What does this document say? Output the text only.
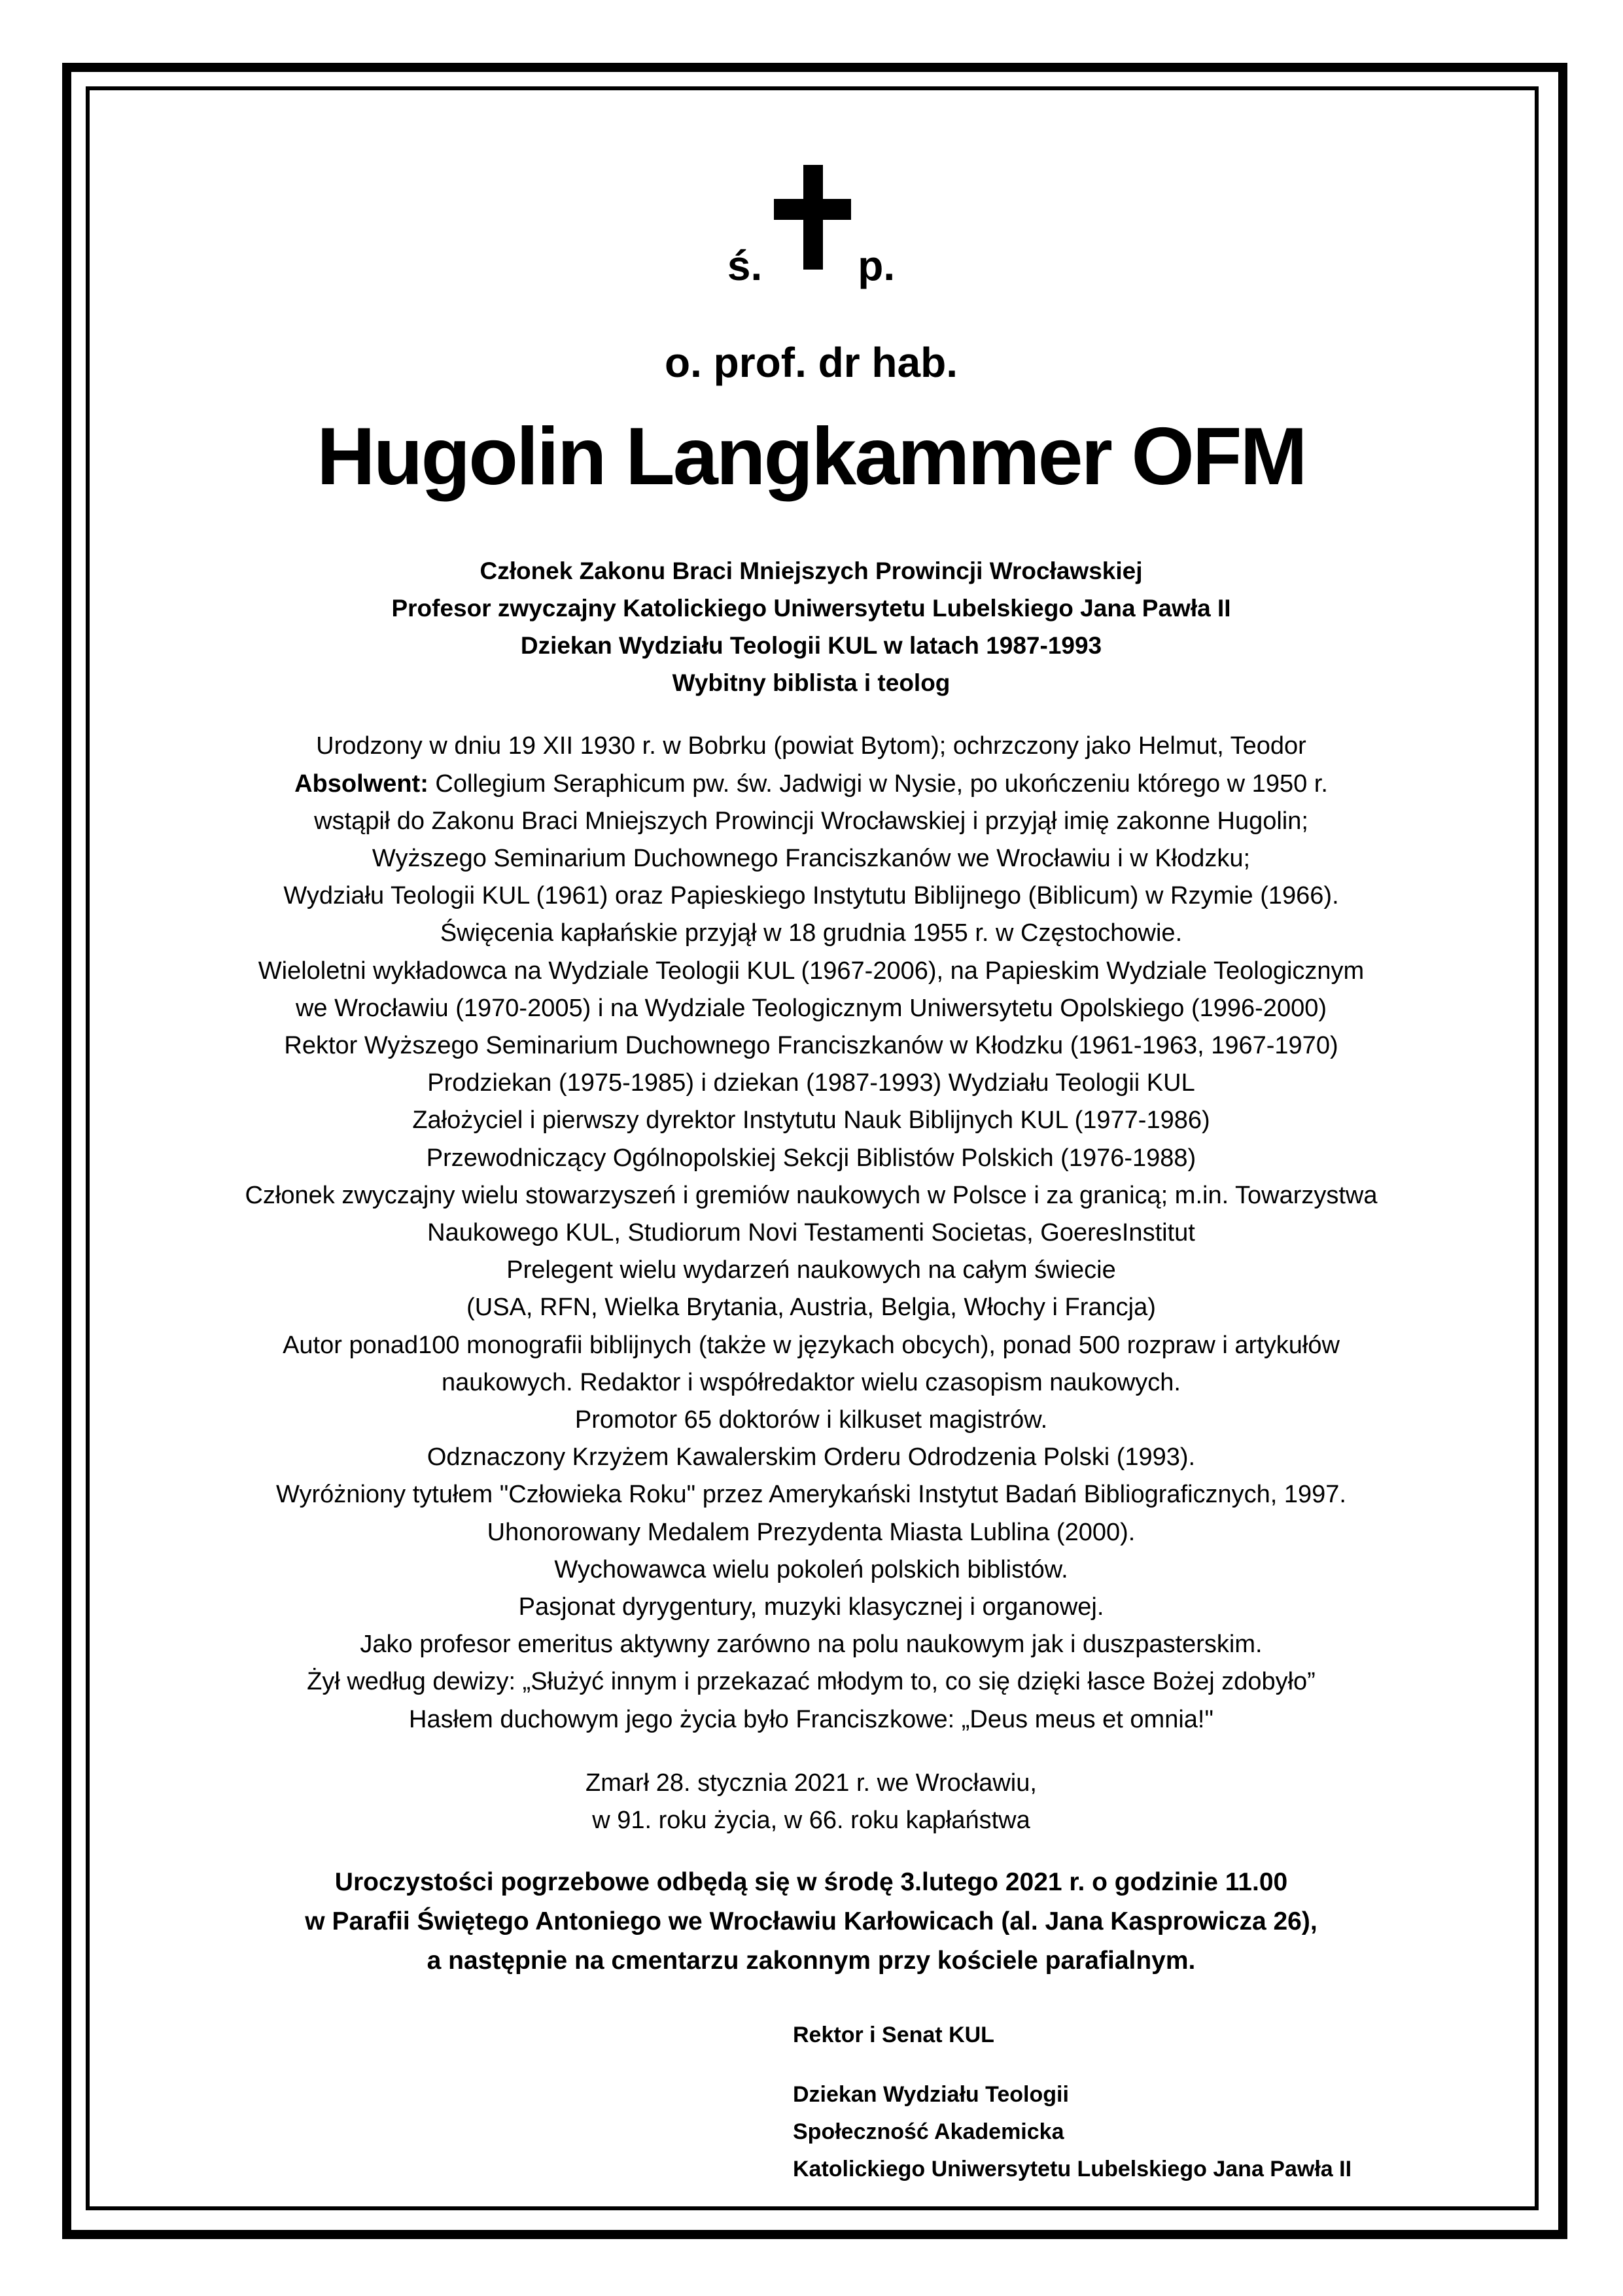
ś. p.
o. prof. dr hab.
Hugolin Langkammer OFM
Członek Zakonu Braci Mniejszych Prowincji Wrocławskiej
Profesor zwyczajny Katolickiego Uniwersytetu Lubelskiego Jana Pawła II
Dziekan Wydziału Teologii KUL w latach 1987-1993
Wybitny biblista i teolog
Urodzony w dniu 19 XII 1930 r. w Bobrku (powiat Bytom); ochrzczony jako Helmut, Teodor
Absolwent: Collegium Seraphicum pw. św. Jadwigi w Nysie, po ukończeniu którego w 1950 r.
wstąpił do Zakonu Braci Mniejszych Prowincji Wrocławskiej i przyjął imię zakonne Hugolin;
Wyższego Seminarium Duchownego Franciszkanów we Wrocławiu i w Kłodzku;
Wydziału Teologii KUL (1961) oraz Papieskiego Instytutu Biblijnego (Biblicum) w Rzymie (1966).
Święcenia kapłańskie przyjął w 18 grudnia 1955 r. w Częstochowie.
Wieloletni wykładowca na Wydziale Teologii KUL (1967-2006), na Papieskim Wydziale Teologicznym
we Wrocławiu (1970-2005) i na Wydziale Teologicznym Uniwersytetu Opolskiego (1996-2000)
Rektor Wyższego Seminarium Duchownego Franciszkanów w Kłodzku (1961-1963, 1967-1970)
Prodziekan (1975-1985) i dziekan (1987-1993) Wydziału Teologii KUL
Założyciel i pierwszy dyrektor Instytutu Nauk Biblijnych KUL (1977-1986)
Przewodniczący Ogólnopolskiej Sekcji Biblistów Polskich (1976-1988)
Członek zwyczajny wielu stowarzyszeń i gremiów naukowych w Polsce i za granicą; m.in. Towarzystwa
Naukowego KUL, Studiorum Novi Testamenti Societas, GoeresInstitut
Prelegent wielu wydarzeń naukowych na całym świecie
(USA, RFN, Wielka Brytania, Austria, Belgia, Włochy i Francja)
Autor ponad100 monografii biblijnych (także w językach obcych), ponad 500 rozpraw i artykułów
naukowych. Redaktor i współredaktor wielu czasopism naukowych.
Promotor 65 doktorów i kilkuset magistrów.
Odznaczony Krzyżem Kawalerskim Orderu Odrodzenia Polski (1993).
Wyróżniony tytułem "Człowieka Roku" przez Amerykański Instytut Badań Bibliograficznych, 1997.
Uhonorowany Medalem Prezydenta Miasta Lublina (2000).
Wychowawca wielu pokoleń polskich biblistów.
Pasjonat dyrygentury, muzyki klasycznej i organowej.
Jako profesor emeritus aktywny zarówno na polu naukowym jak i duszpasterskim.
Żył według dewizy: „Służyć innym i przekazać młodym to, co się dzięki łasce Bożej zdobyło”
Hasłem duchowym jego życia było Franciszkowe: „Deus meus et omnia!"
Zmarł 28. stycznia 2021 r. we Wrocławiu,
w 91. roku życia, w 66. roku kapłaństwa
Uroczystości pogrzebowe odbędą się w środę 3.lutego 2021 r. o godzinie 11.00
w Parafii Świętego Antoniego we Wrocławiu Karłowicach (al. Jana Kasprowicza 26),
a następnie na cmentarzu zakonnym przy kościele parafialnym.
Rektor i Senat KUL
Dziekan Wydziału Teologii
Społeczność Akademicka
Katolickiego Uniwersytetu Lubelskiego Jana Pawła II
